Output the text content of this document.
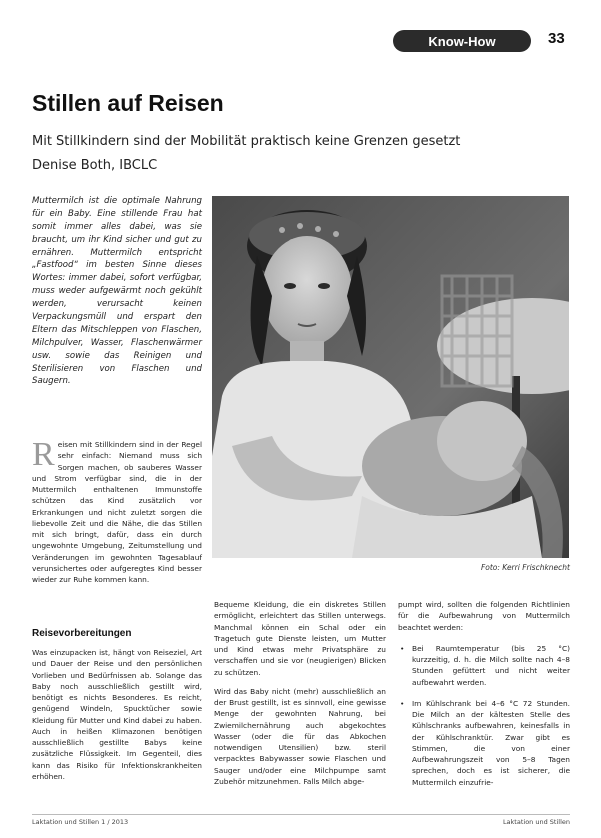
Know-How	33
Stillen auf Reisen
Mit Stillkindern sind der Mobilität praktisch keine Grenzen gesetzt
Denise Both, IBCLC

Muttermilch ist die optimale Nahrung für ein Baby. Eine stillende Frau hat somit immer alles dabei, was sie braucht, um ihr Kind sicher und gut zu ernähren. Muttermilch entspricht „Fastfood“ im besten Sinne dieses Wortes: immer dabei, sofort verfügbar, muss weder aufgewärmt noch gekühlt werden, verursacht keinen Verpackungsmüll und erspart den Eltern das Mitschleppen von Flaschen, Milchpulver, Wasser, Flaschenwärmer usw. sowie das Reinigen und Sterilisieren von Flaschen und Saugern.

Foto: Kerri Frischknecht

R eisen mit Stillkindern sind in der Regel sehr einfach: Niemand muss sich Sorgen machen, ob sauberes Wasser und Strom verfügbar sind, die in der Muttermilch enthaltenen Immunstoffe schützen das Kind zusätzlich vor Erkrankungen und nicht zuletzt sorgen die liebevolle Zeit und die Nähe, die das Stillen mit sich bringt, dafür, dass ein durch ungewohnte Umgebung, Zeitumstellung und Veränderungen im gewohnten Tagesablauf verunsichertes oder aufgeregtes Kind besser wieder zur Ruhe kommen kann.

Reisevorbereitungen

Was einzupacken ist, hängt von Reiseziel, Art und Dauer der Reise und den persönlichen Vorlieben und Bedürfnissen ab. Solange das Baby noch ausschließlich gestillt wird, benötigt es nichts Besonderes. Es reicht, genügend Windeln, Spucktücher sowie Kleidung für Mutter und Kind dabei zu haben. Auch in heißen Klimazonen benötigen ausschließlich gestillte Babys keine zusätzliche Flüssigkeit. Im Gegenteil, dies kann das Risiko für Infektionskrankheiten erhöhen.

Bequeme Kleidung, die ein diskretes Stillen ermöglicht, erleichtert das Stillen unterwegs. Manchmal können ein Schal oder ein Tragetuch gute Dienste leisten, um Mutter und Kind etwas mehr Privatsphäre zu verschaffen und sie vor (neugierigen) Blicken zu schützen.

Wird das Baby nicht (mehr) ausschließlich an der Brust gestillt, ist es sinnvoll, eine gewisse Menge der gewohnten Nahrung, bei Zwiemilchernährung auch abgekochtes Wasser (oder die für das Abkochen notwendigen Utensilien) bzw. steril verpacktes Babywasser sowie Flaschen und Sauger und/oder eine Milchpumpe samt Zubehör mitzunehmen. Falls Milch abge-

pumpt wird, sollten die folgenden Richtlinien für die Aufbewahrung von Muttermilch beachtet werden:

• Bei Raumtemperatur (bis 25 °C) kurzzeitig, d. h. die Milch sollte nach 4–8 Stunden gefüttert und nicht weiter aufbewahrt werden.
• Im Kühlschrank bei 4–6 °C 72 Stunden. Die Milch an der kältesten Stelle des Kühlschranks aufbewahren, keinesfalls in der Kühlschranktür. Zwar gibt es Stimmen, die von einer Aufbewahrungszeit von 5–8 Tagen sprechen, doch es ist sicherer, die Muttermilch einzufrie-
Laktation und Stillen 1 / 2013	Laktation und Stillen
